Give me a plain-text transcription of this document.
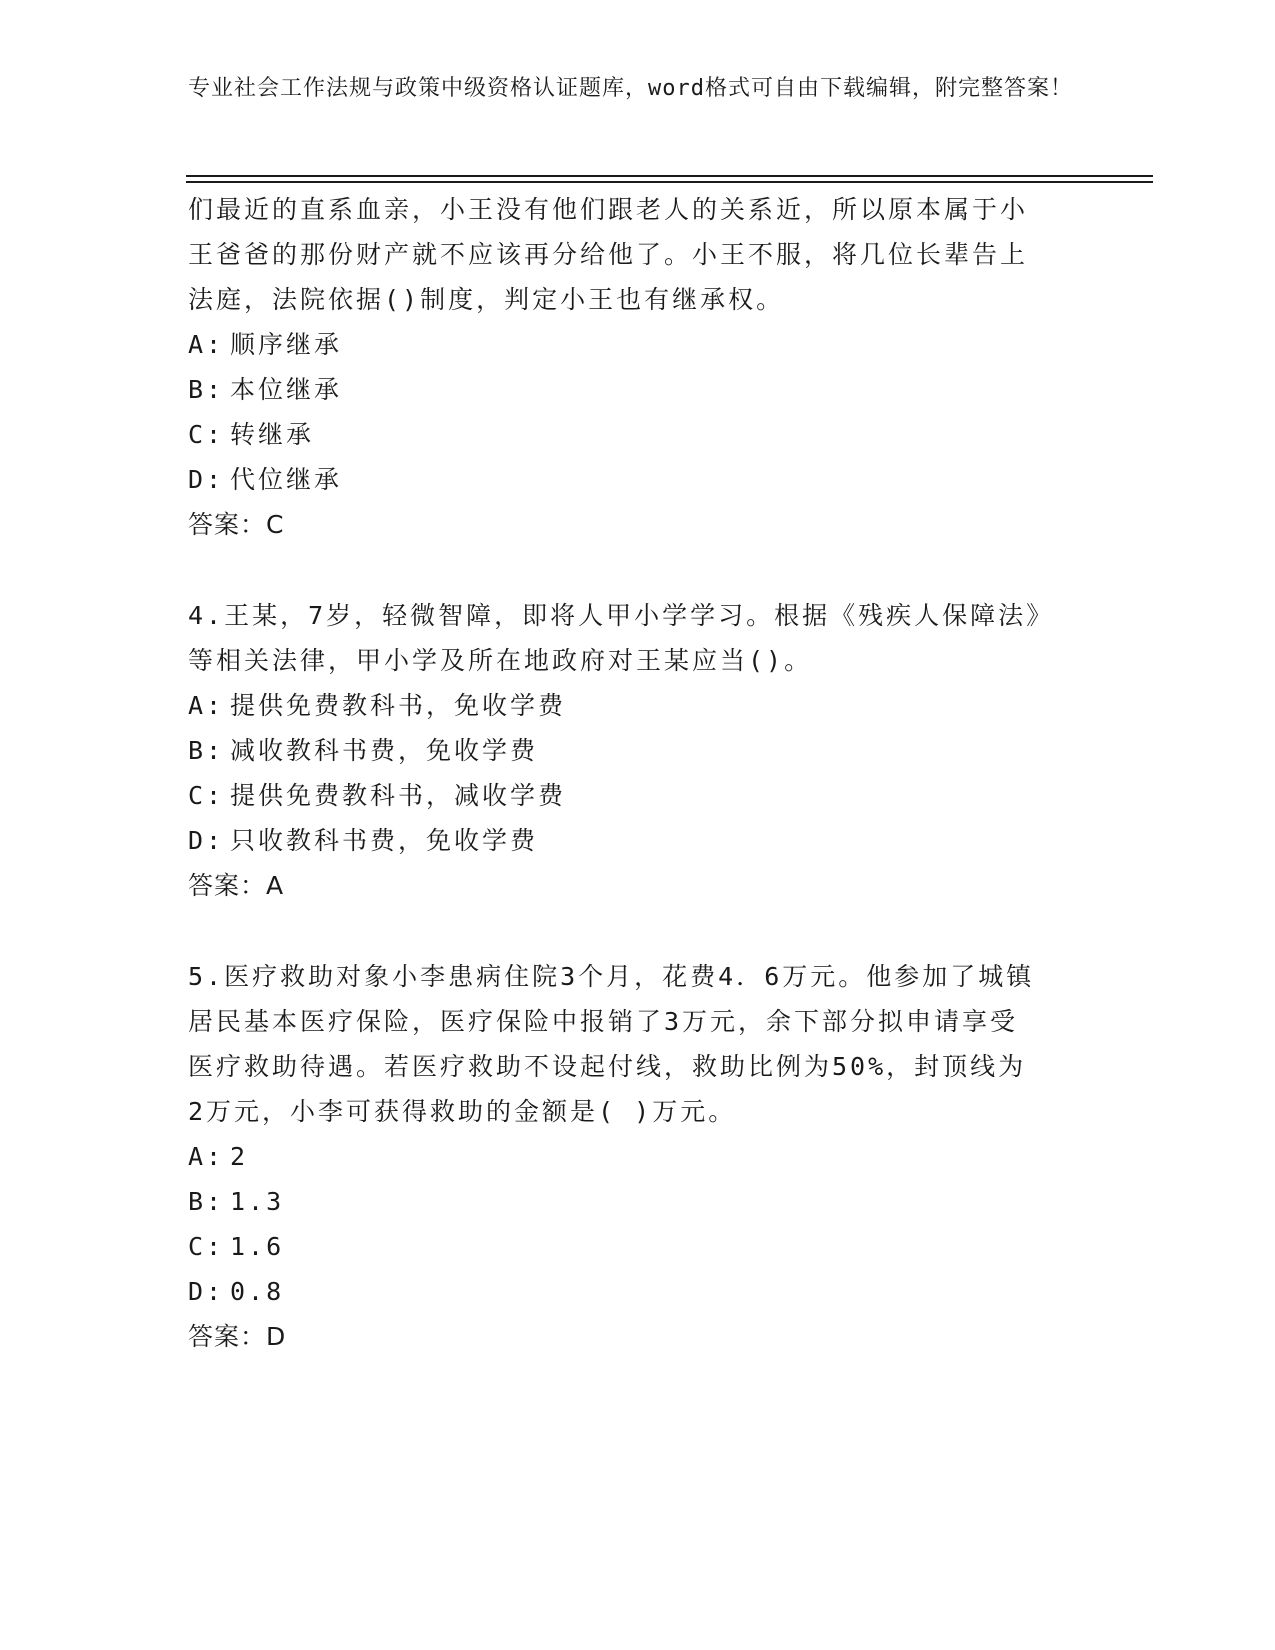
专业社会工作法规与政策中级资格认证题库，word格式可自由下载编辑，附完整答案！

们最近的直系血亲，小王没有他们跟老人的关系近，所以原本属于小

王爸爸的那份财产就不应该再分给他了。小王不服，将几位长辈告上

法庭，法院依据()制度，判定小王也有继承权。

A: 顺序继承

B: 本位继承

C: 转继承

D: 代位继承

答案：C

4.王某，7岁，轻微智障，即将人甲小学学习。根据《残疾人保障法》

等相关法律，甲小学及所在地政府对王某应当()。

A: 提供免费教科书，免收学费

B: 减收教科书费，免收学费

C: 提供免费教科书，减收学费

D: 只收教科书费，免收学费

答案：A

5.医疗救助对象小李患病住院3个月，花费4．6万元。他参加了城镇

居民基本医疗保险，医疗保险中报销了3万元，余下部分拟申请享受

医疗救助待遇。若医疗救助不设起付线，救助比例为50%，封顶线为

2万元，小李可获得救助的金额是( )万元。

A: 2

B: 1.3

C: 1.6

D: 0.8

答案：D
